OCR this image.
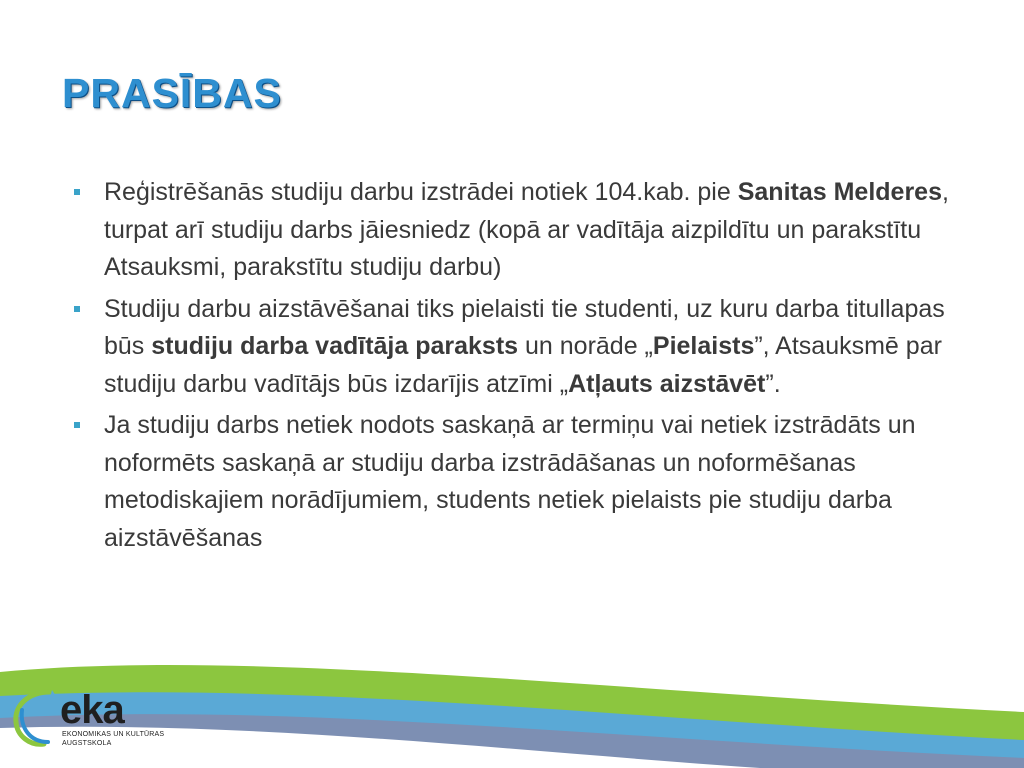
PRASĪBAS
Reģistrēšanās studiju darbu izstrādei notiek 104.kab. pie Sanitas Melderes, turpat arī studiju darbs jāiesniedz (kopā ar vadītāja aizpildītu un parakstītu Atsauksmi, parakstītu studiju darbu)
Studiju darbu aizstāvēšanai tiks pielaisti tie studenti, uz kuru darba titullapas būs studiju darba vadītāja paraksts un norāde „Pielaists”, Atsauksmē par studiju darbu vadītājs būs izdarījis atzīmi „Atļauts aizstāvēt”.
Ja studiju darbs netiek nodots saskaņā ar termiņu vai netiek izstrādāts un noformēts saskaņā ar studiju darba izstrādāšanas un noformēšanas metodiskajiem norādījumiem, students netiek pielaists pie studiju darba aizstāvēšanas
eka
EKONOMIKAS UN KULTŪRAS
AUGSTSKOLA
